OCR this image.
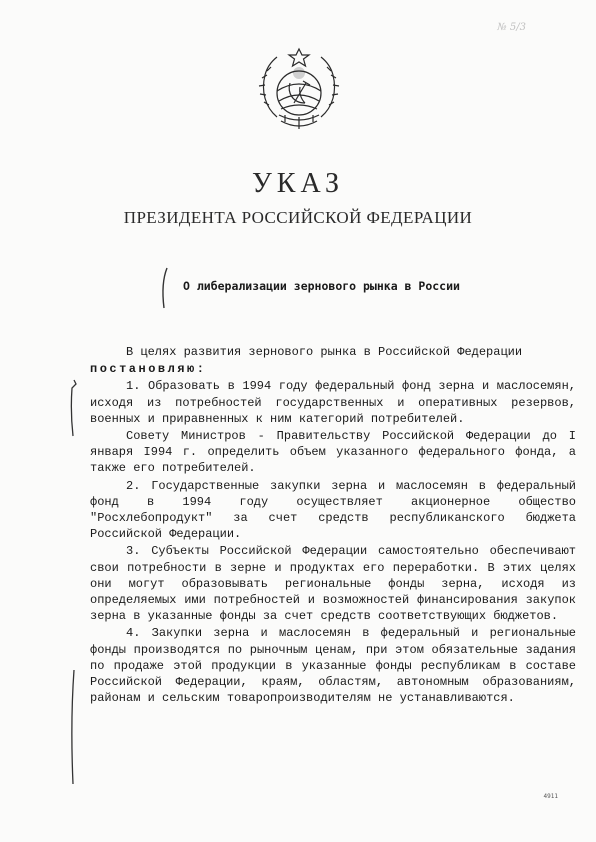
№ 5/3
УКАЗ
ПРЕЗИДЕНТА РОССИЙСКОЙ ФЕДЕРАЦИИ
О либерализации зернового рынка в России

В целях развития зернового рынка в Российской Федерации

постановляю:

1. Образовать в 1994 году федеральный фонд зерна и маслосемян, исходя из потребностей государственных и оперативных резервов, военных и приравненных к ним категорий потребителей.

Совету Министров - Правительству Российской Федерации до I января I994 г. определить объем указанного федерального фонда, а также его потребителей.

2. Государственные закупки зерна и маслосемян в федеральный фонд в 1994 году осуществляет акционерное общество "Росхлебопродукт" за счет средств республиканского бюджета Российской Федерации.

3. Субъекты Российской Федерации самостоятельно обеспечивают свои потребности в зерне и продуктах его переработки. В этих целях они могут образовывать региональные фонды зерна, исходя из определяемых ими потребностей и возможностей финансирования закупок зерна в указанные фонды за счет средств соответствующих бюджетов.

4. Закупки зерна и маслосемян в федеральный и региональные фонды производятся по рыночным ценам, при этом обязательные задания по продаже этой продукции в указанные фонды республикам в составе Российской Федерации, краям, областям, автономным образованиям, районам и сельским товаропроизводителям не устанавливаются.

4911
